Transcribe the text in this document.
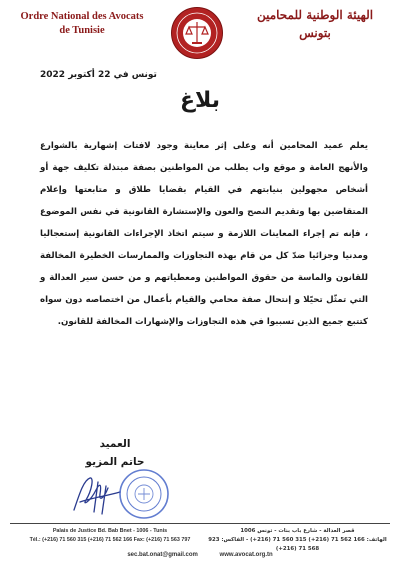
Ordre National des Avocats
de Tunisie
الهيئة الوطنية للمحامين
بتونس
تونس في 22 أكتوبر 2022
بلاغ
يعلم عميد المحامين أنه وعلى إثر معاينة وجود لافتات إشهارية بالشوارع والأنهج العامة و موقع واب يطلب من المواطنين بصفة مبتذلة تكليف جهة أو أشخاص مجهولين بنيابتهم في القيام بقضايا طلاق و متابعتها وإعلام المتقاضين بها وتقديم النصح والعون والإستشارة القانونية في نفس الموضوع ، فإنه تم إجراء المعاينات اللازمة و سيتم اتخاذ الإجراءات القانونية إستعجاليا ومدنيا وجزائيا ضدّ كل من قام بهذه التجاوزات والممارسات الخطيرة المخالفة للقانون والماسة من حقوق المواطنين ومعطياتهم و من حسن سير العدالة و التي تمثّل تحيّلا و إنتحال صفة محامي والقيام بأعمال من اختصاصه دون سواه كتتبع جميع الذين تسببوا في هذه التجاوزات والإشهارات المخالفة للقانون.
العميد
حاتم المزيو
Palais de Justice Bd. Bab Bnet - 1006 - Tunis
Tél.: (+216) 71 560 315 (+216) 71 562 166 Fax: (+216) 71 563 797
قصر العدالة - شارع باب بنات - تونس 1006
الهاتف: 166 562 71 (216+) 315 560 71 (216+) - الفاكس: 923 568 71 (216+)
sec.bat.onat@gmail.com	www.avocat.org.tn
